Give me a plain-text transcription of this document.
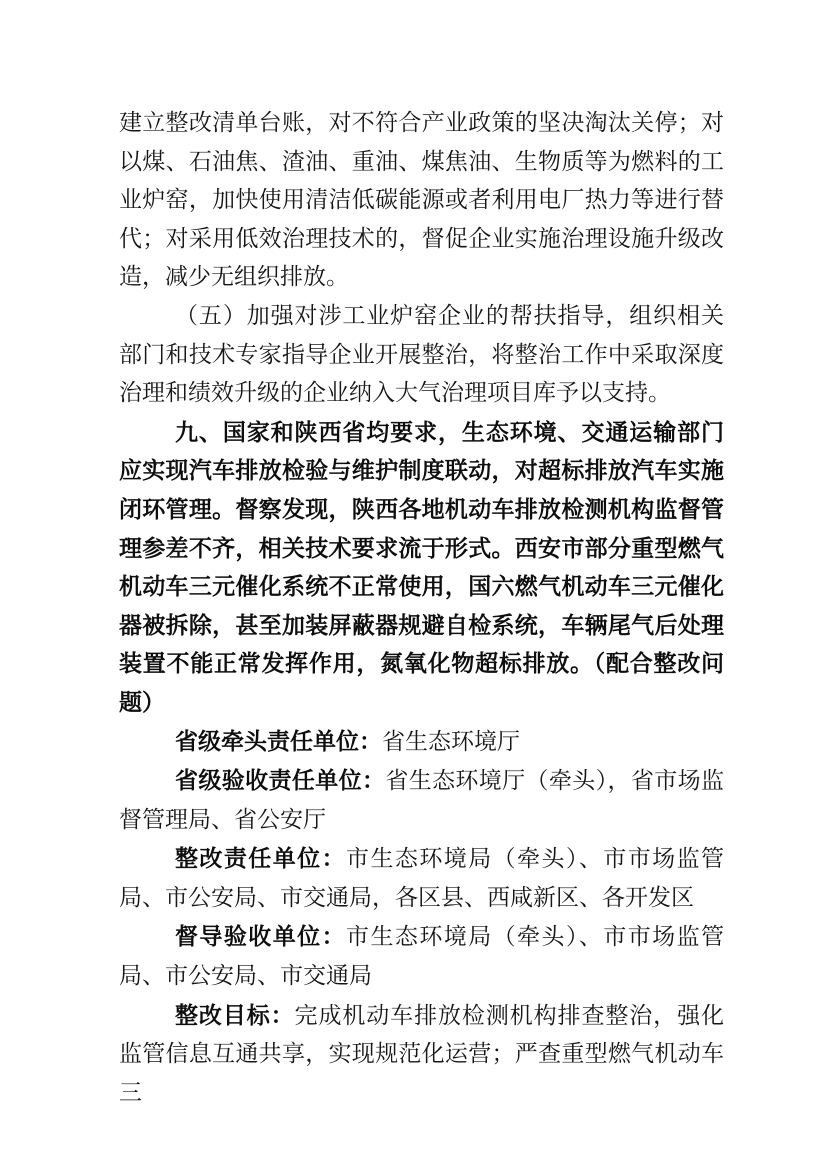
建立整改清单台账，对不符合产业政策的坚决淘汰关停；对以煤、石油焦、渣油、重油、煤焦油、生物质等为燃料的工业炉窑，加快使用清洁低碳能源或者利用电厂热力等进行替代；对采用低效治理技术的，督促企业实施治理设施升级改造，减少无组织排放。

（五）加强对涉工业炉窑企业的帮扶指导，组织相关部门和技术专家指导企业开展整治，将整治工作中采取深度治理和绩效升级的企业纳入大气治理项目库予以支持。

九、国家和陕西省均要求，生态环境、交通运输部门应实现汽车排放检验与维护制度联动，对超标排放汽车实施闭环管理。督察发现，陕西各地机动车排放检测机构监督管理参差不齐，相关技术要求流于形式。西安市部分重型燃气机动车三元催化系统不正常使用，国六燃气机动车三元催化器被拆除，甚至加装屏蔽器规避自检系统，车辆尾气后处理装置不能正常发挥作用，氮氧化物超标排放。（配合整改问题）

省级牵头责任单位：省生态环境厅

省级验收责任单位：省生态环境厅（牵头），省市场监督管理局、省公安厅

整改责任单位：市生态环境局（牵头）、市市场监管局、市公安局、市交通局，各区县、西咸新区、各开发区

督导验收单位：市生态环境局（牵头）、市市场监管局、市公安局、市交通局

整改目标：完成机动车排放检测机构排查整治，强化监管信息互通共享，实现规范化运营；严查重型燃气机动车三
